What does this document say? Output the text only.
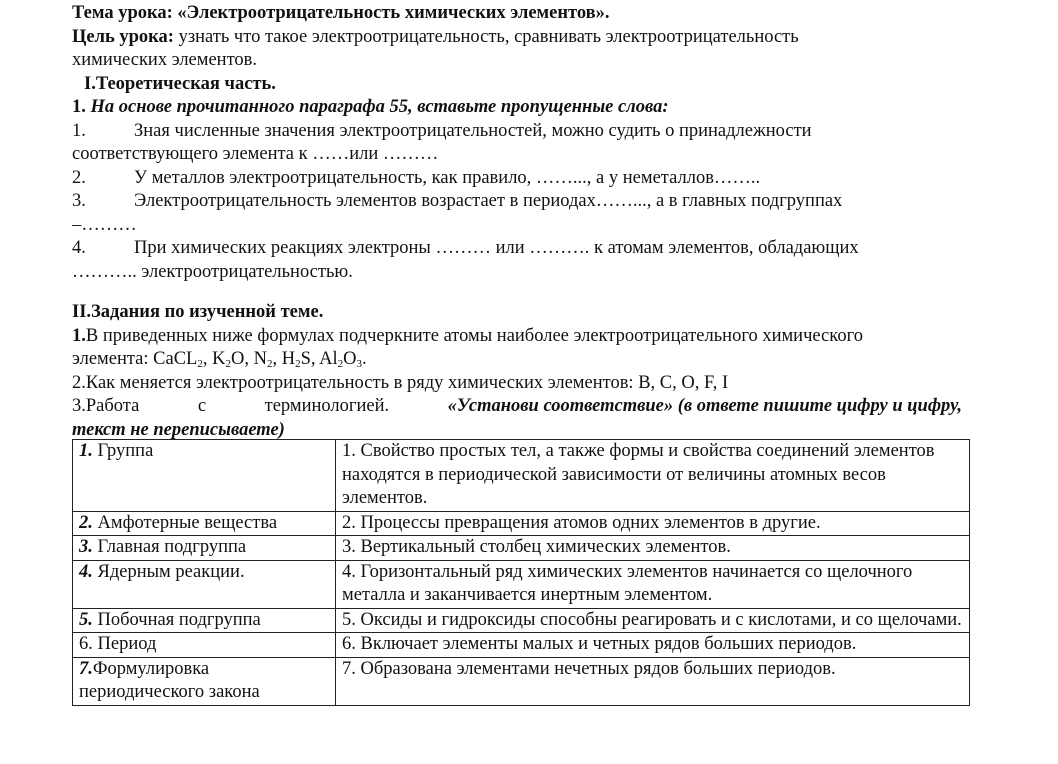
Тема урока: «Электроотрицательность химических элементов».
Цель урока: узнать что такое электроотрицательность, сравнивать электроотрицательность
химических элементов.
I.Теоретическая часть.
1. На основе прочитанного параграфа 55, вставьте пропущенные слова:
1.	Зная численные значения электроотрицательностей, можно судить о принадлежности
соответствующего элемента к ……или ………
2.	У металлов электроотрицательность, как правило, ……..., а у неметаллов……..
3.	Электроотрицательность элементов возрастает в периодах……..., а в главных подгруппах
–………
4.	При химических реакциях электроны ……… или ………. к атомам элементов, обладающих
……….. электроотрицательностью.
II.Задания по изученной теме.
1.В приведенных ниже формулах подчеркните атомы наиболее электроотрицательного химического
элемента: CaCL$_2$, $K_2O$, $N_2$, $H_2S$, $Al_2O_3$.
2.Как меняется электроотрицательность в ряду химических элементов: B, C, O, F, I
3.Работа	с	терминологией.	«Установи соответствие» (в ответе пишите цифру и цифру,
текст не переписываете)
1. Группа	1. Свойство простых тел, а также формы и свойства соединений элементов находятся в периодической зависимости от величины атомных весов элементов.
2. Амфотерные вещества	2. Процессы превращения атомов одних элементов в другие.
3. Главная подгруппа	3. Вертикальный столбец химических элементов.
4. Ядерным реакции.	4. Горизонтальный ряд химических элементов начинается со щелочного металла и заканчивается инертным элементом.
5. Побочная подгруппа	5. Оксиды и гидроксиды способны реагировать и с кислотами, и со щелочами.
6. Период	6. Включает элементы малых и четных рядов больших периодов.
7.Формулировка периодического закона	7. Образована элементами нечетных рядов больших периодов.
